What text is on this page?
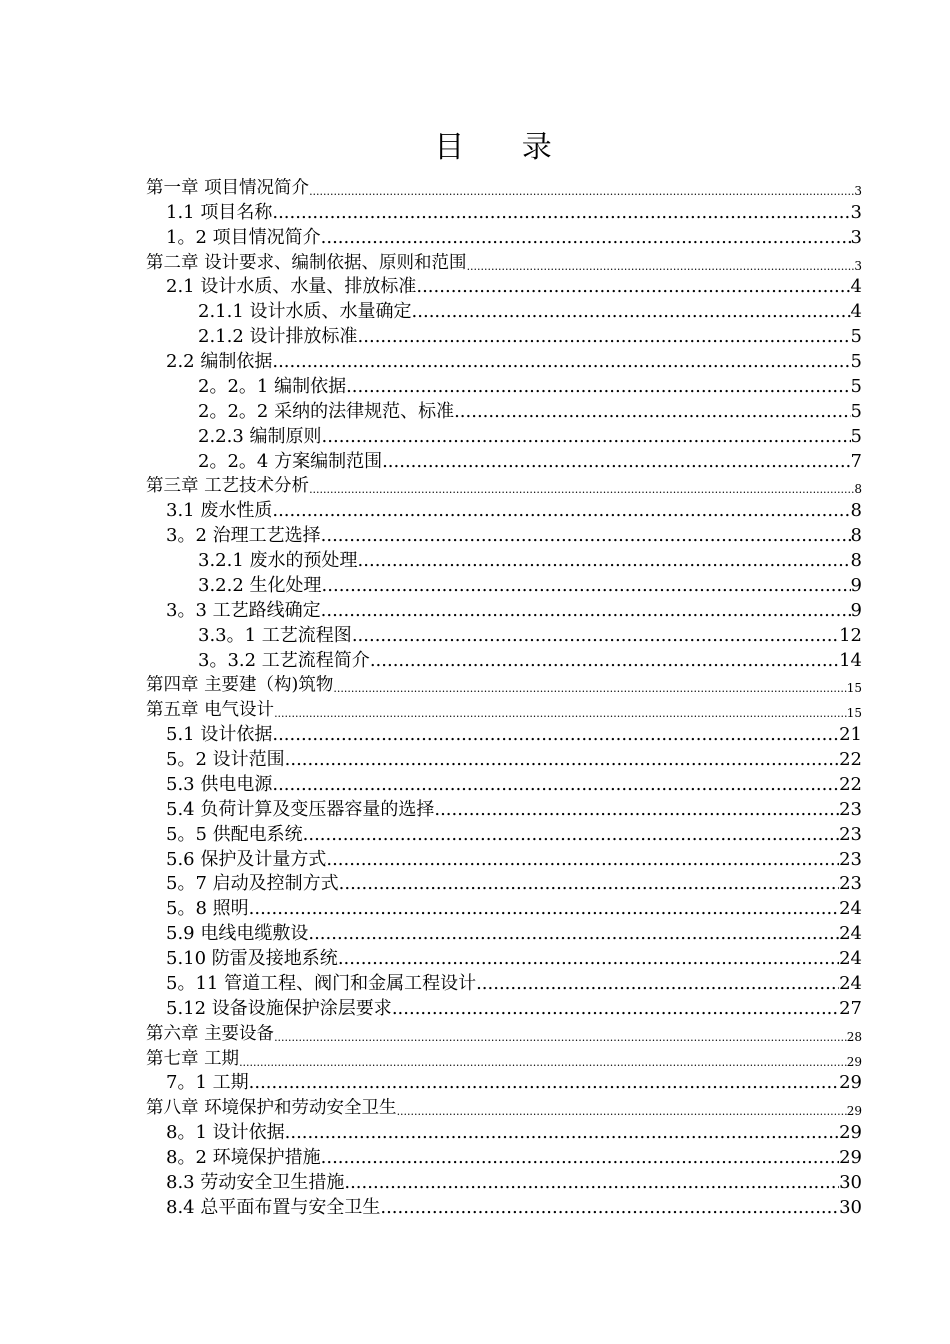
目 录
第一章 项目情况简介 .....	3
1.1 项目名称 .....	3
1。2 项目情况简介 .....	3
第二章 设计要求、编制依据、原则和范围 .....	3
2.1 设计水质、水量、排放标准 .....	4
2.1.1 设计水质、水量确定 .....	4
2.1.2 设计排放标准 .....	5
2.2 编制依据 .....	5
2。2。1 编制依据 .....	5
2。2。2 采纳的法律规范、标准 .....	5
2.2.3 编制原则 .....	5
2。2。4 方案编制范围 .....	7
第三章 工艺技术分析 .....	8
3.1 废水性质 .....	8
3。2 治理工艺选择 .....	8
3.2.1 废水的预处理 .....	8
3.2.2 生化处理 .....	9
3。3 工艺路线确定 .....	9
3.3。1 工艺流程图 .....	12
3。3.2 工艺流程简介 .....	14
第四章 主要建（构)筑物 .....	15
第五章 电气设计 .....	15
5.1 设计依据 .....	21
5。2 设计范围 .....	22
5.3 供电电源 .....	22
5.4 负荷计算及变压器容量的选择 .....	23
5。5 供配电系统 .....	23
5.6 保护及计量方式 .....	23
5。7 启动及控制方式 .....	23
5。8 照明 .....	24
5.9 电线电缆敷设 .....	24
5.10 防雷及接地系统 .....	24
5。11 管道工程、阀门和金属工程设计 .....	24
5.12 设备设施保护涂层要求 .....	27
第六章 主要设备 .....	28
第七章 工期 .....	29
7。1 工期 .....	29
第八章 环境保护和劳动安全卫生 .....	29
8。1 设计依据 .....	29
8。2 环境保护措施 .....	29
8.3 劳动安全卫生措施 .....	30
8.4 总平面布置与安全卫生 .....	30
